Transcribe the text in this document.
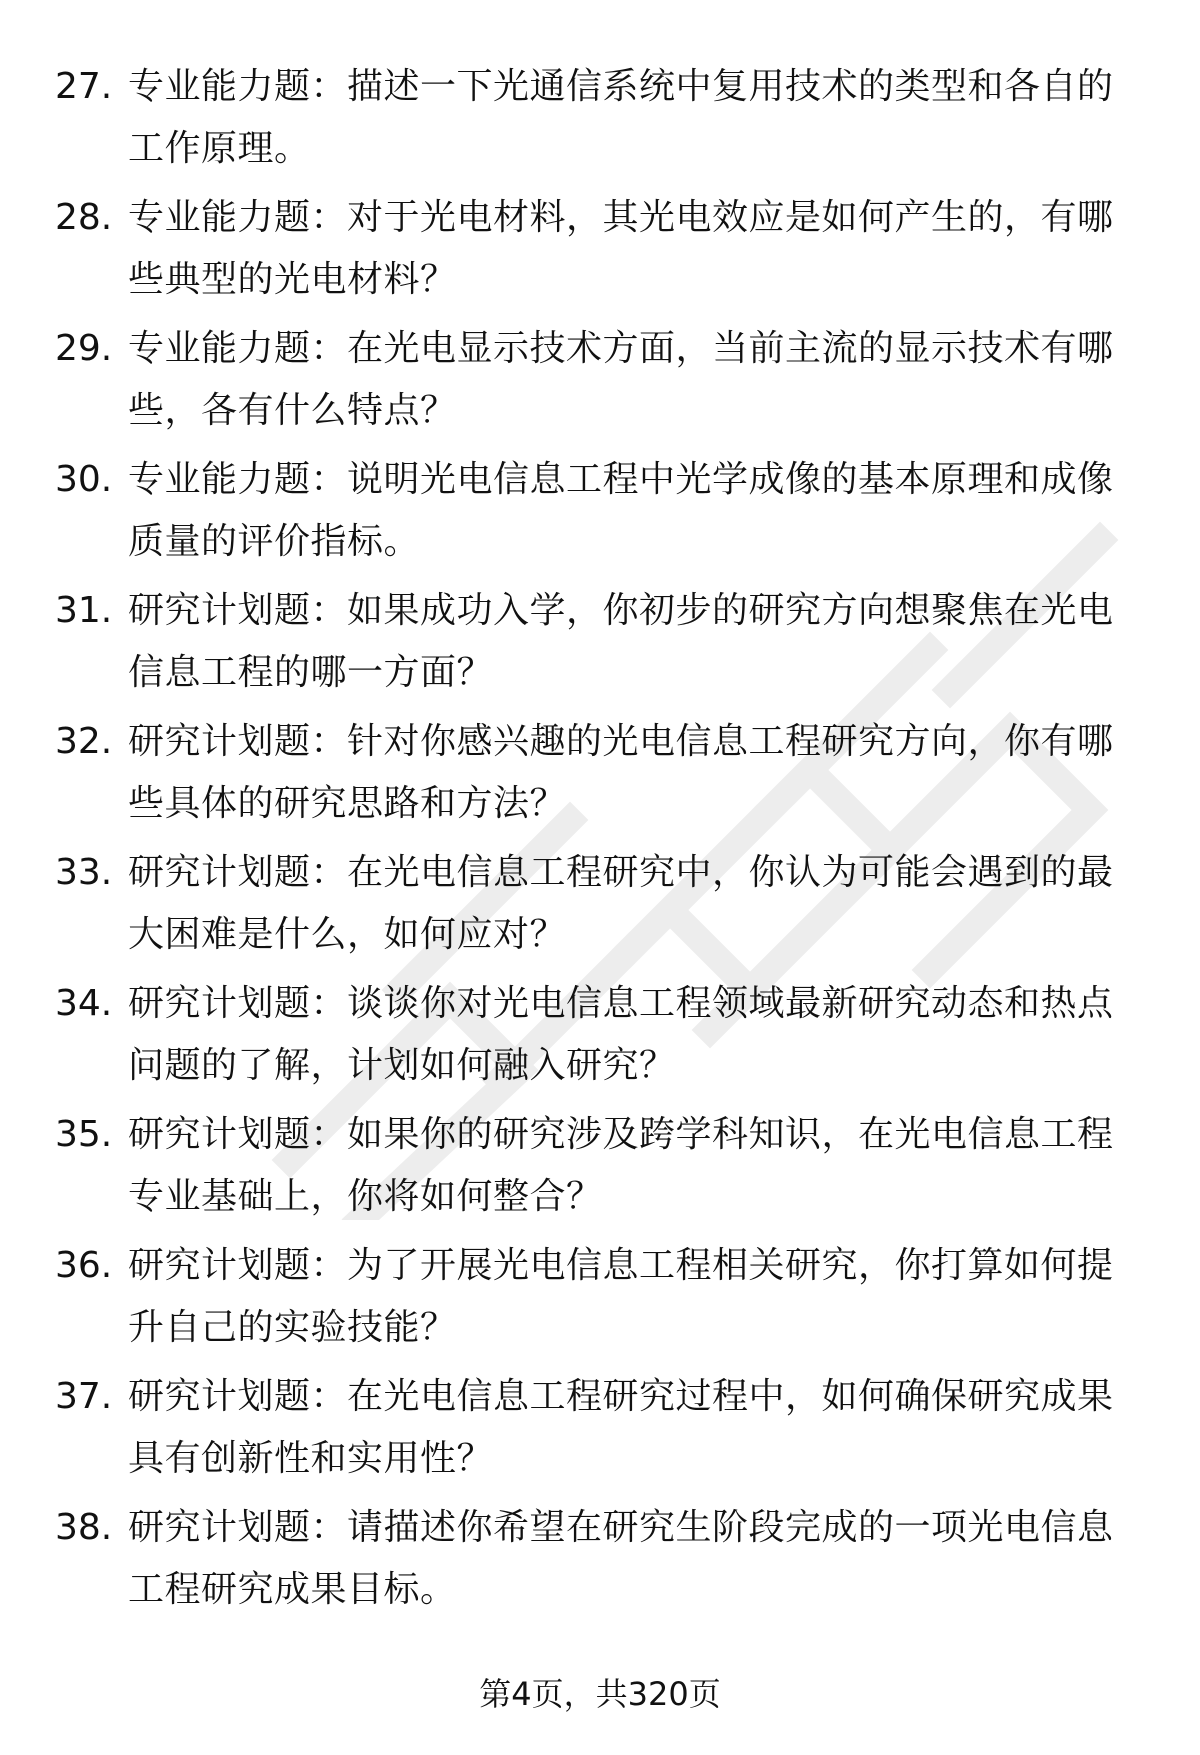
27. 专业能力题：描述一下光通信系统中复用技术的类型和各自的工作原理。
28. 专业能力题：对于光电材料，其光电效应是如何产生的，有哪些典型的光电材料？
29. 专业能力题：在光电显示技术方面，当前主流的显示技术有哪些，各有什么特点？
30. 专业能力题：说明光电信息工程中光学成像的基本原理和成像质量的评价指标。
31. 研究计划题：如果成功入学，你初步的研究方向想聚焦在光电信息工程的哪一方面？
32. 研究计划题：针对你感兴趣的光电信息工程研究方向，你有哪些具体的研究思路和方法？
33. 研究计划题：在光电信息工程研究中，你认为可能会遇到的最大困难是什么，如何应对？
34. 研究计划题：谈谈你对光电信息工程领域最新研究动态和热点问题的了解，计划如何融入研究？
35. 研究计划题：如果你的研究涉及跨学科知识，在光电信息工程专业基础上，你将如何整合？
36. 研究计划题：为了开展光电信息工程相关研究，你打算如何提升自己的实验技能？
37. 研究计划题：在光电信息工程研究过程中，如何确保研究成果具有创新性和实用性？
38. 研究计划题：请描述你希望在研究生阶段完成的一项光电信息工程研究成果目标。
第4页，共320页
